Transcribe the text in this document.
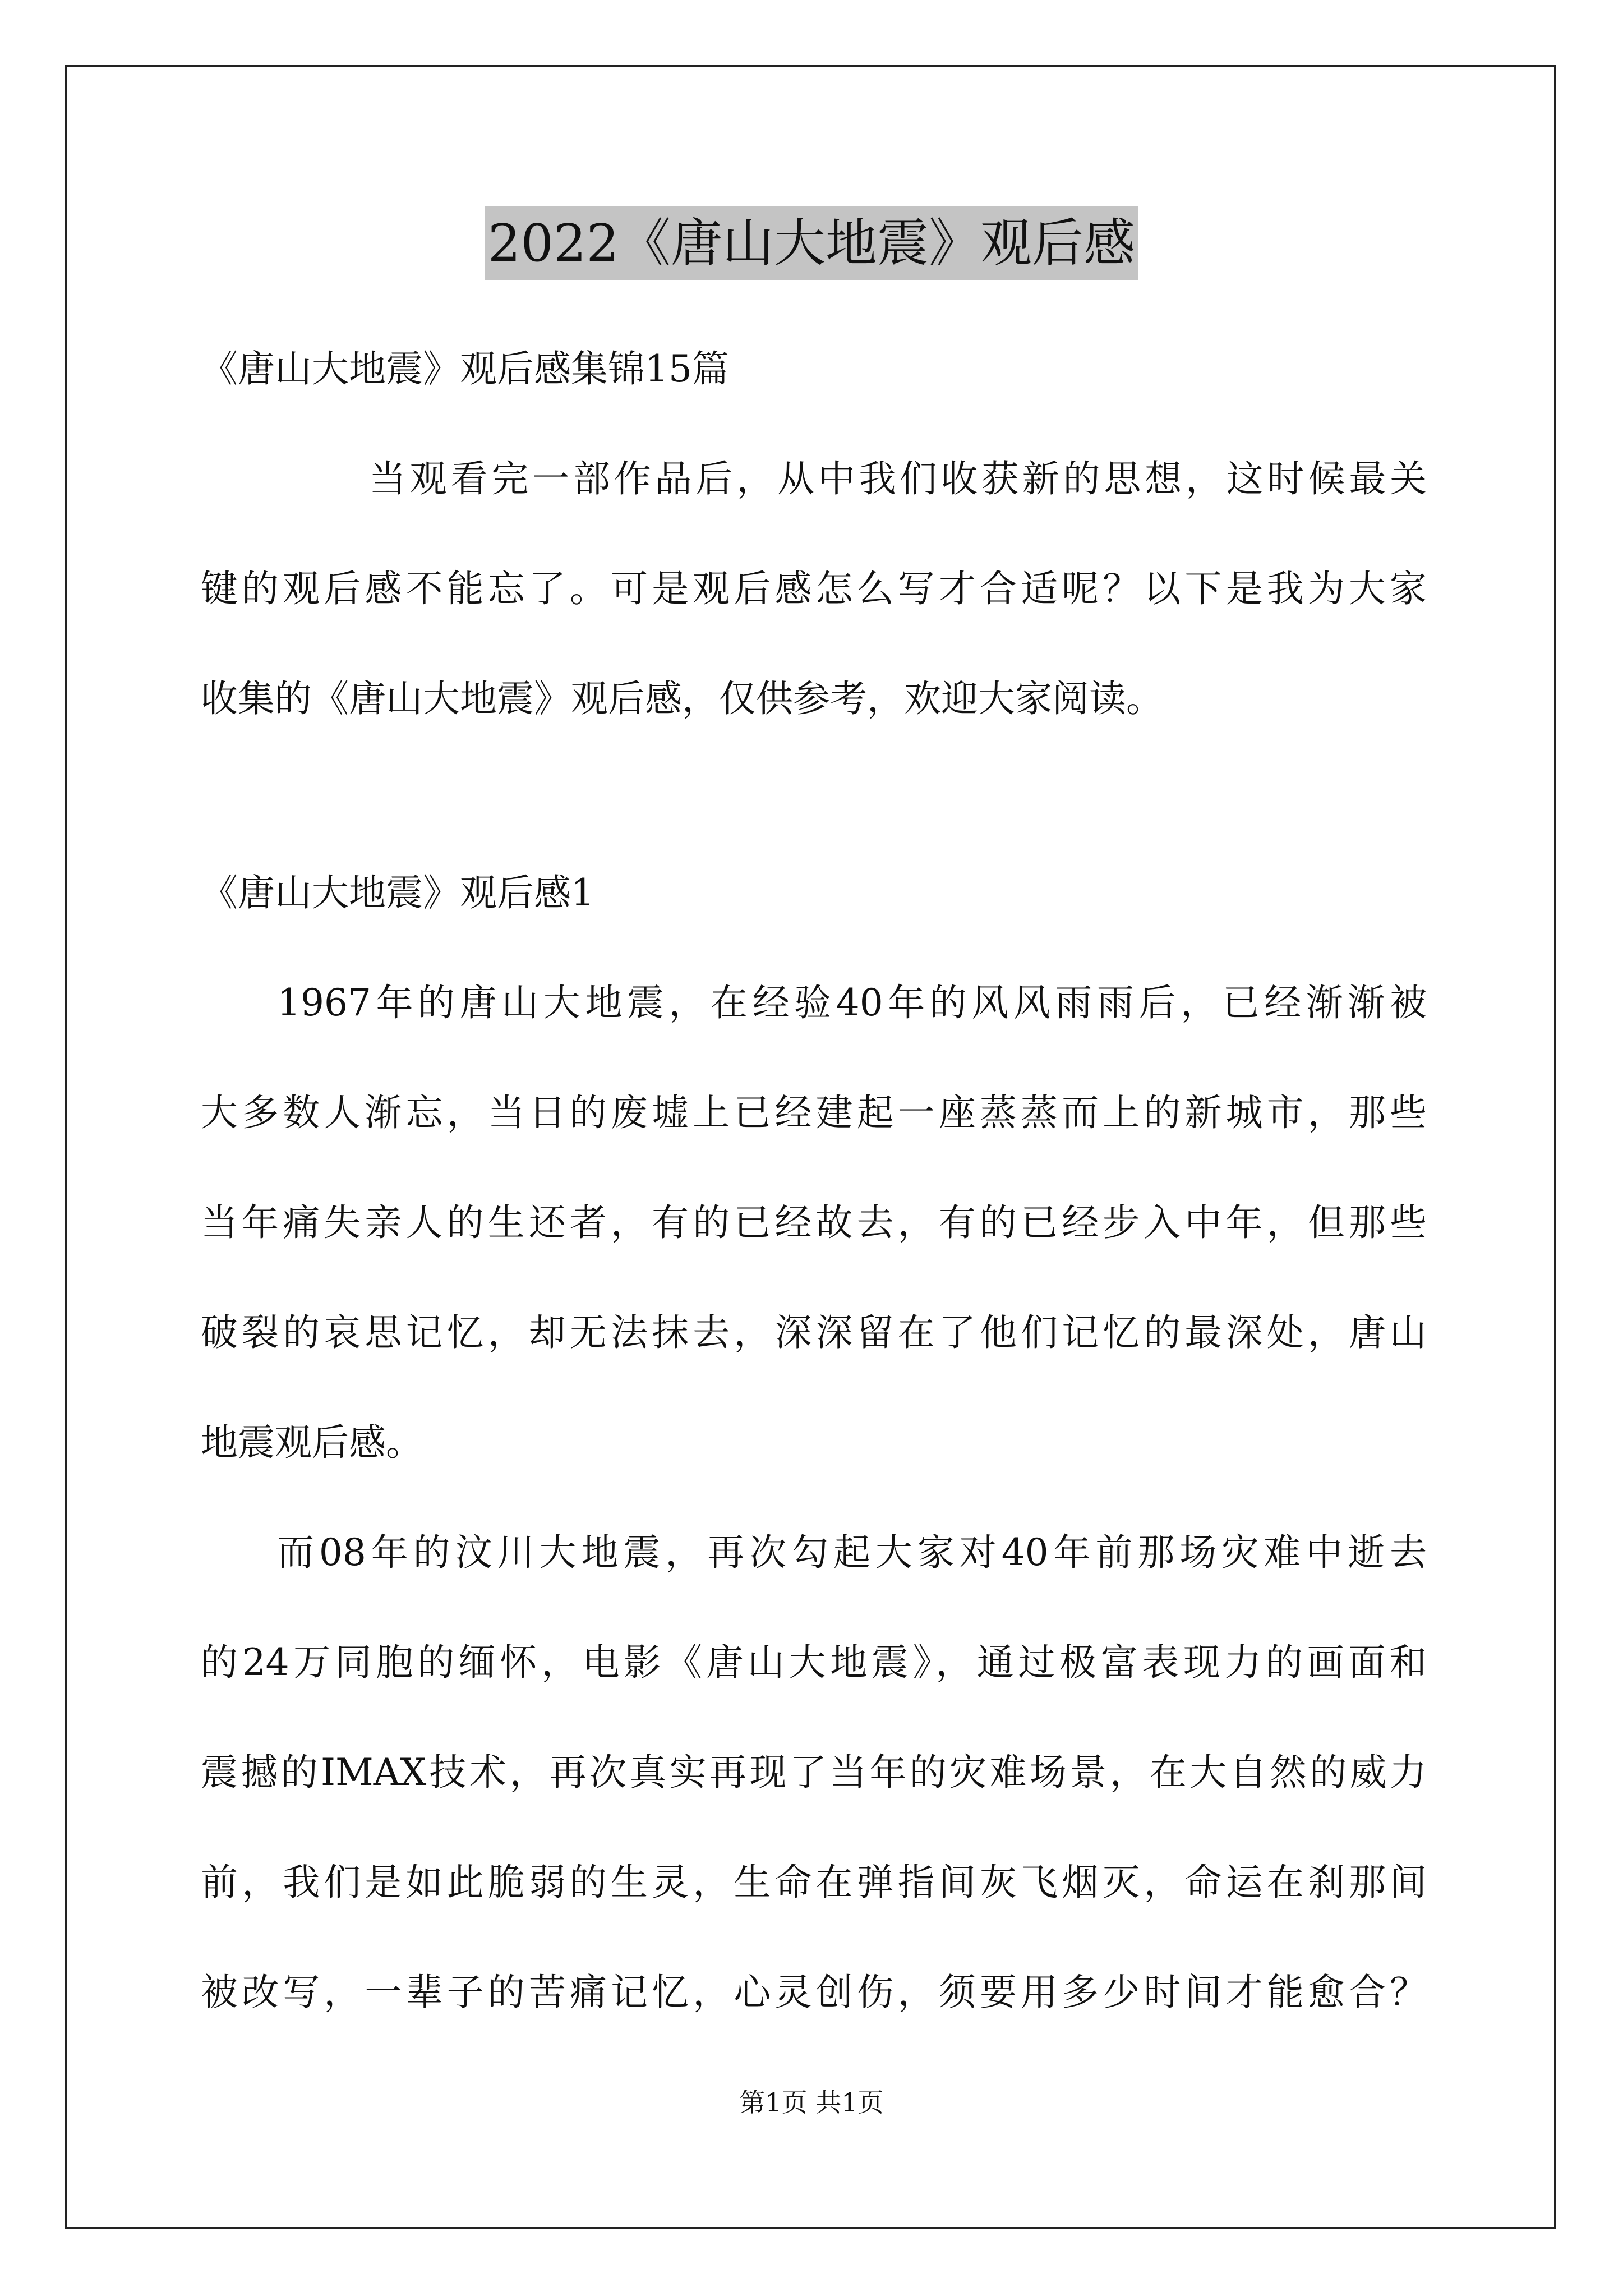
2022《唐山大地震》观后感
《唐山大地震》观后感集锦15篇
当观看完一部作品后，从中我们收获新的思想，这时候最关
键的观后感不能忘了。可是观后感怎么写才合适呢？以下是我为大家
收集的《唐山大地震》观后感，仅供参考，欢迎大家阅读。
《唐山大地震》观后感1
1967年的唐山大地震，在经验40年的风风雨雨后，已经渐渐被
大多数人渐忘，当日的废墟上已经建起一座蒸蒸而上的新城市，那些
当年痛失亲人的生还者，有的已经故去，有的已经步入中年，但那些
破裂的哀思记忆，却无法抹去，深深留在了他们记忆的最深处，唐山
地震观后感。
而08年的汶川大地震，再次勾起大家对40年前那场灾难中逝去
的24万同胞的缅怀，电影《唐山大地震》，通过极富表现力的画面和
震撼的IMAX技术，再次真实再现了当年的灾难场景，在大自然的威力
前，我们是如此脆弱的生灵，生命在弹指间灰飞烟灭，命运在刹那间
被改写，一辈子的苦痛记忆，心灵创伤，须要用多少时间才能愈合？
第1页 共1页
